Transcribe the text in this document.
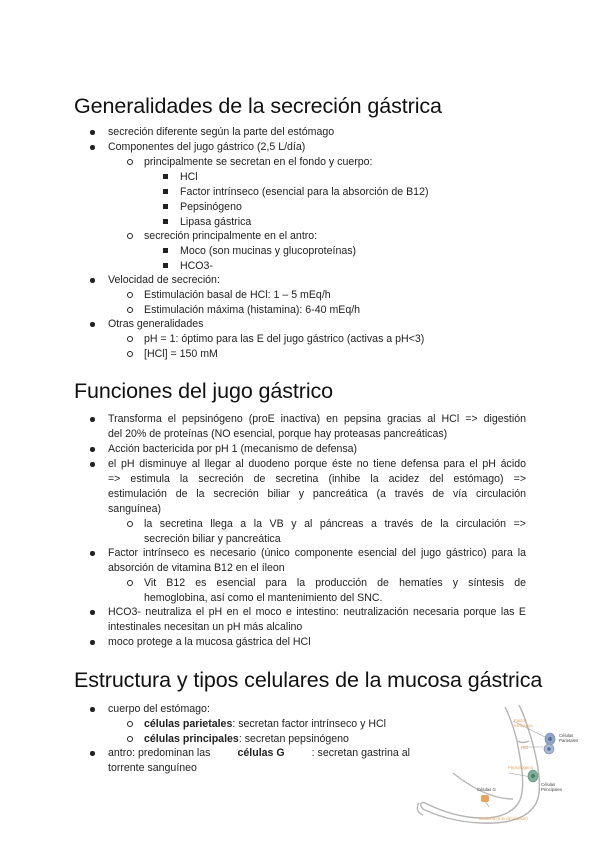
Generalidades de la secreción gástrica
secreción diferente según la parte del estómago
Componentes del jugo gástrico (2,5 L/día)
principalmente se secretan en el fondo y cuerpo:
HCl
Factor intrínseco (esencial para la absorción de B12)
Pepsinógeno
Lipasa gástrica
secreción principalmente en el antro:
Moco (son mucinas y glucoproteínas)
HCO3-
Velocidad de secreción:
Estimulación basal de HCl: 1 – 5 mEq/h
Estimulación máxima (histamina): 6-40 mEq/h
Otras generalidades
pH = 1: óptimo para las E del jugo gástrico (activas a pH<3)
[HCl] = 150 mM
Funciones del jugo gástrico
Transforma el pepsinógeno (proE inactiva) en pepsina gracias al HCl => digestión
del 20% de proteínas (NO esencial, porque hay proteasas pancreáticas)
Acción bactericida por pH 1 (mecanismo de defensa)
el pH disminuye al llegar al duodeno porque éste no tiene defensa para el pH ácido
=> estimula la secreción de secretina (inhibe la acidez del estómago) =>
estimulación de la secreción biliar y pancreática (a través de vía circulación
sanguínea)
la secretina llega a la VB y al páncreas a través de la circulación =>
secreción biliar y pancreática
Factor intrínseco es necesario (único componente esencial del jugo gástrico) para la
absorción de vitamina B12 en el íleon
Vit B12 es esencial para la producción de hematíes y síntesis de
hemoglobina, así como el mantenimiento del SNC.
HCO3- neutraliza el pH en el moco e intestino: neutralización necesaria porque las E
intestinales necesitan un pH más alcalino
moco protege a la mucosa gástrica del HCl
Estructura y tipos celulares de la mucosa gástrica
cuerpo del estómago:
células parietales: secretan factor intrínseco y HCl
células principales: secretan pepsinógeno
antro: predominan las	células G	: secretan gastrina al
torrente sanguíneo
Factor
intrínseco
HCl
Pepsinógeno
Células
Parietales
Células
Principales
Células G
Gastrina (a la circulación)
